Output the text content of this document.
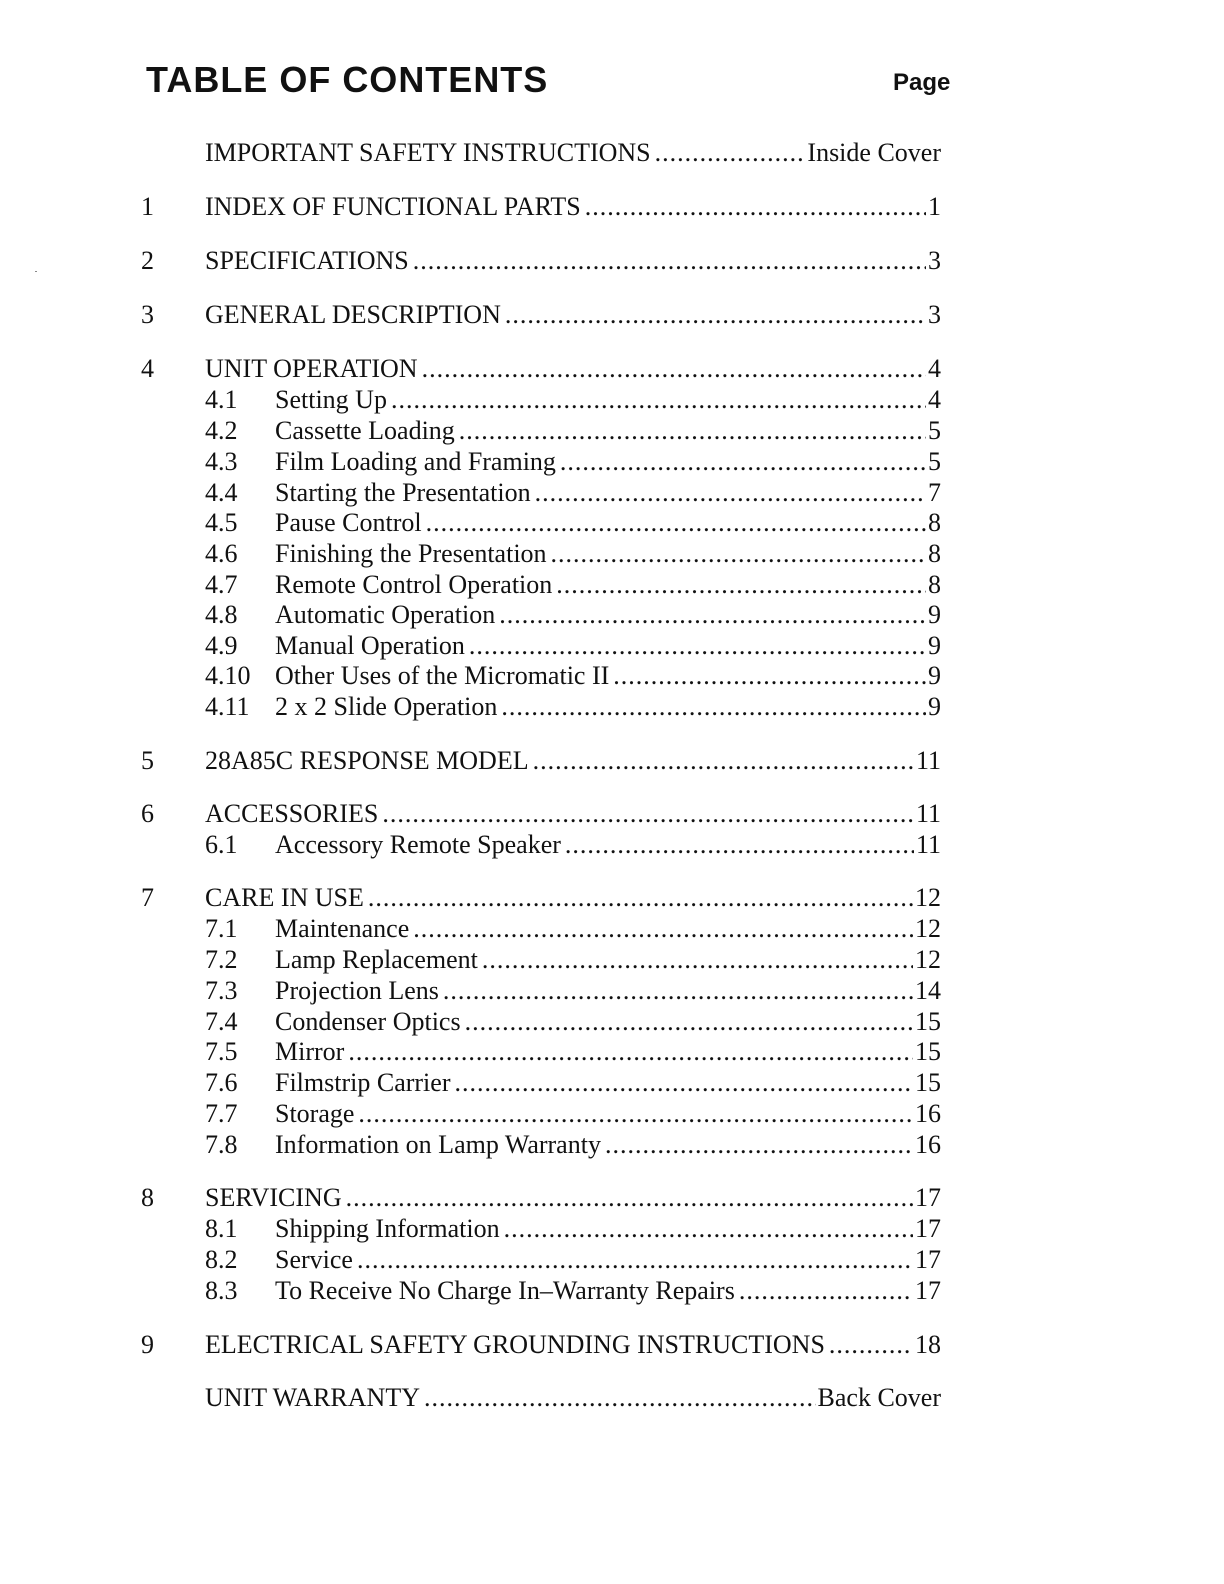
TABLE OF CONTENTS	Page
IMPORTANT SAFETY INSTRUCTIONS .....	Inside Cover
1 INDEX OF FUNCTIONAL PARTS .....	1
2 SPECIFICATIONS .....	3
3 GENERAL DESCRIPTION .....	3
4 UNIT OPERATION .....	4
4.1 Setting Up .....	4
4.2 Cassette Loading .....	5
4.3 Film Loading and Framing .....	5
4.4 Starting the Presentation .....	7
4.5 Pause Control .....	8
4.6 Finishing the Presentation .....	8
4.7 Remote Control Operation .....	8
4.8 Automatic Operation .....	9
4.9 Manual Operation .....	9
4.10 Other Uses of the Micromatic II .....	9
4.11 2 x 2 Slide Operation .....	9
5 28A85C RESPONSE MODEL .....	11
6 ACCESSORIES .....	11
6.1 Accessory Remote Speaker .....	11
7 CARE IN USE .....	12
7.1 Maintenance .....	12
7.2 Lamp Replacement .....	12
7.3 Projection Lens .....	14
7.4 Condenser Optics .....	15
7.5 Mirror .....	15
7.6 Filmstrip Carrier .....	15
7.7 Storage .....	16
7.8 Information on Lamp Warranty .....	16
8 SERVICING .....	17
8.1 Shipping Information .....	17
8.2 Service .....	17
8.3 To Receive No Charge In–Warranty Repairs .....	17
9 ELECTRICAL SAFETY GROUNDING INSTRUCTIONS .....	18
UNIT WARRANTY .....	Back Cover
